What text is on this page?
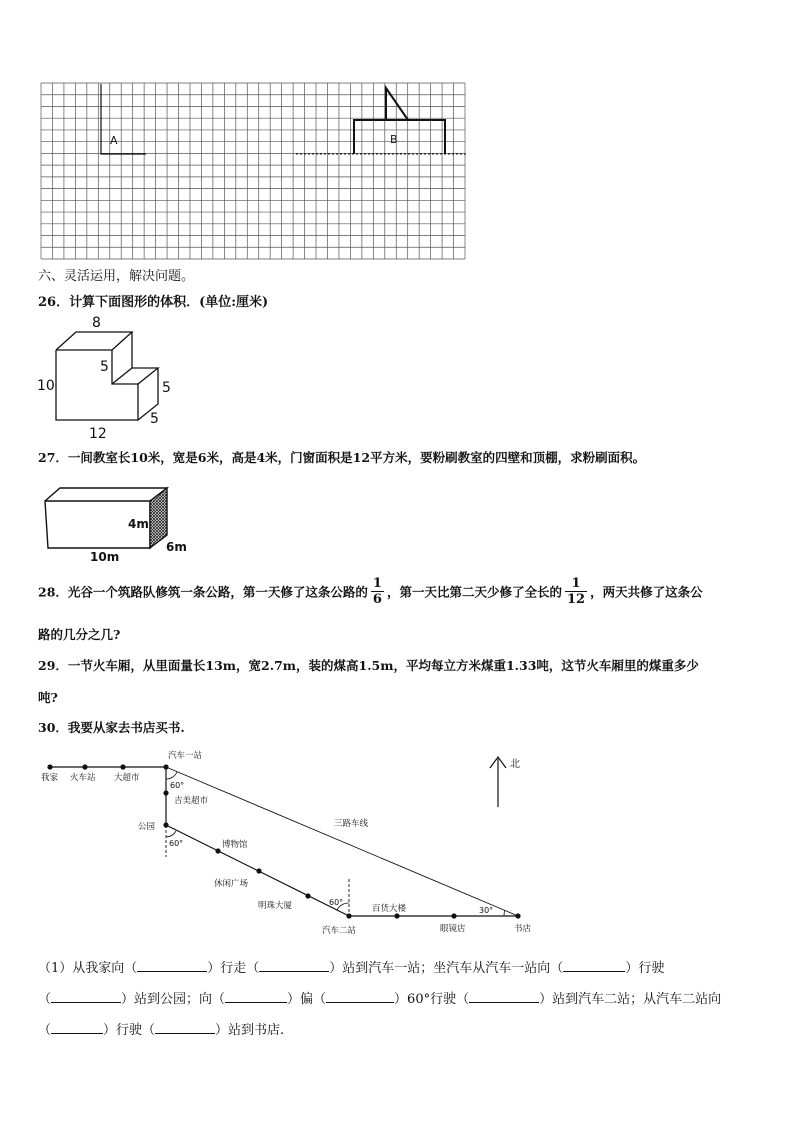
A	B
六、灵活运用，解决问题。
26．计算下面图形的体积．(单位:厘米)
8
10
12
5
5
5
27．一间教室长10米，宽是6米，高是4米，门窗面积是12平方米，要粉刷教室的四壁和顶棚，求粉刷面积。
4m
10m
6m
28．光谷一个筑路队修筑一条公路，第一天修了这条公路的 $\frac{1}{6}$ ，第一天比第二天少修了全长的 $\frac{1}{12}$ ，两天共修了这条公
路的几分之几?
29．一节火车厢，从里面量长13m，宽2.7m，装的煤高1.5m，平均每立方米煤重1.33吨，这节火车厢里的煤重多少
吨?
30．我要从家去书店买书.
我家 火车站 大超市
汽车一站
吉美超市
公园
博物馆
休闲广场
明珠大厦
汽车二站
百货大楼
眼镜店	书店
三路车线
北
60°
60°
60°
30°
（1）从我家向（	）行走（	）站到汽车一站；坐汽车从汽车一站向（	）行驶
（	）站到公园；向（	）偏（	）60°行驶（	）站到汽车二站；从汽车二站向
（	）行驶（	）站到书店.
